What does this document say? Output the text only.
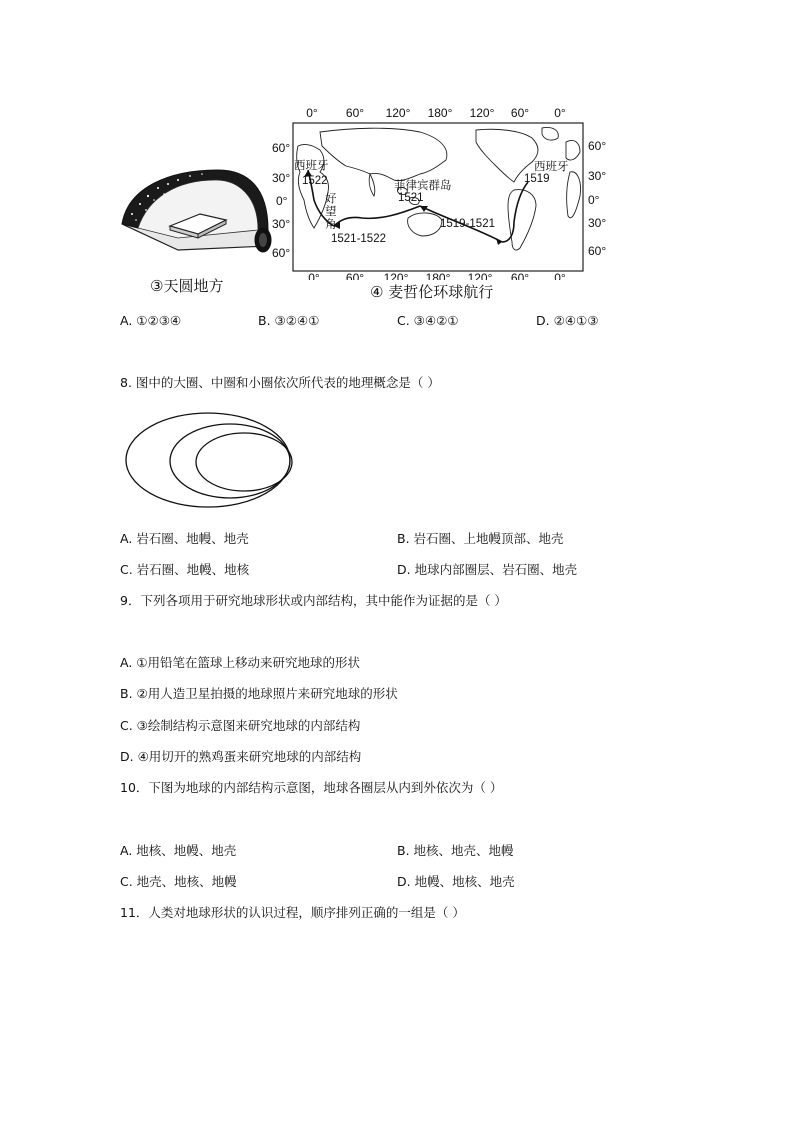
③天圆地方
0° 60° 120° 180° 120° 60° 0°
0° 60° 120° 180° 120° 60° 0°
60°
30°
0°
30°
60°
60°
30°
0°
30°
60°
西班牙
1522	菲律宾群岛
1521
好
望
角
1521-1522
1519-1521
西班牙
1519
④ 麦哲伦环球航行
A. ①②③④	B. ③②④①	C. ③④②①	D. ②④①③
8. 图中的大圈、中圈和小圈依次所代表的地理概念是（ ）
A. 岩石圈、地幔、地壳	B. 岩石圈、上地幔顶部、地壳
C. 岩石圈、地幔、地核	D. 地球内部圈层、岩石圈、地壳
9．下列各项用于研究地球形状或内部结构，其中能作为证据的是（ ）
A. ①用铅笔在篮球上移动来研究地球的形状
B. ②用人造卫星拍摄的地球照片来研究地球的形状
C. ③绘制结构示意图来研究地球的内部结构
D. ④用切开的熟鸡蛋来研究地球的内部结构
10．下图为地球的内部结构示意图，地球各圈层从内到外依次为（ ）
A. 地核、地幔、地壳	B. 地核、地壳、地幔
C. 地壳、地核、地幔	D. 地幔、地核、地壳
11．人类对地球形状的认识过程，顺序排列正确的一组是（ ）
